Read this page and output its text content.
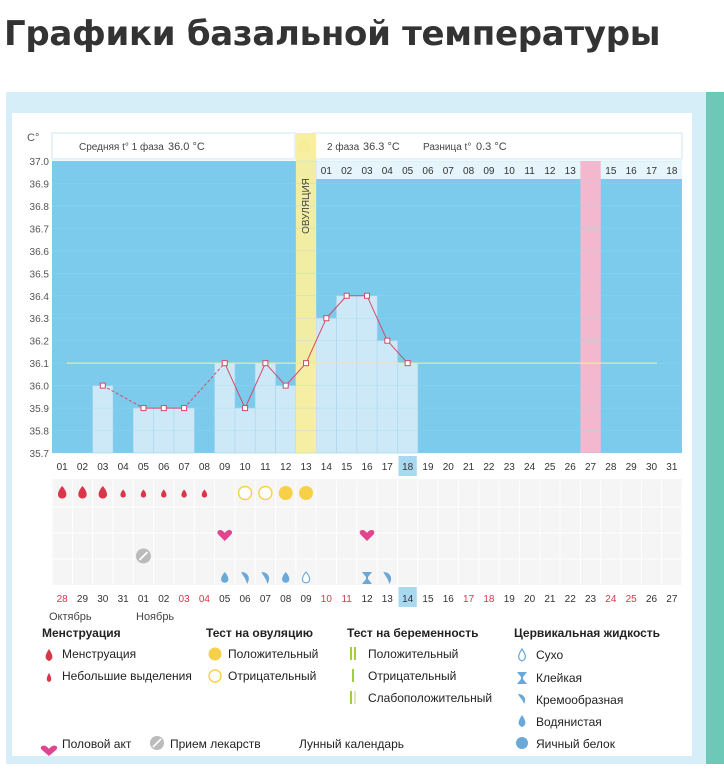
Графики базальной температуры
C°
Средняя t° 1 фаза 36.0 °C	2 фаза 36.3 °C Разница t° 0.3 °C
01 02 03 04 05 06 07 08 09 10 11 12 13	15 16 17 18
37.0
36.9
36.8
36.7
36.6
36.5
36.4
36.3
36.2
36.1
36.0
35.9
35.8
35.7
ОВУЛЯЦИЯ
01 02 03 04 05 06 07 08 09 10 11 12 13 14 15 16 17 18 19 20 21 22 23 24 25 26 27 28 29 30 31
28 29 30 31 01 02 03 04 05 06 07 08 09 10 11 12 13 14 15 16 17 18 19 20 21 22 23 24 25 26 27
Октябрь	Ноябрь
Менструация
Менструация
Небольшие выделения
Тест на овуляцию
Положительный
Отрицательный
Тест на беременность
Положительный
Отрицательный
Слабоположительный
Цервикальная жидкость
Сухо
Клейкая
Кремообразная
Водянистая
Яичный белок
Половой акт	Прием лекарств	Лунный календарь
